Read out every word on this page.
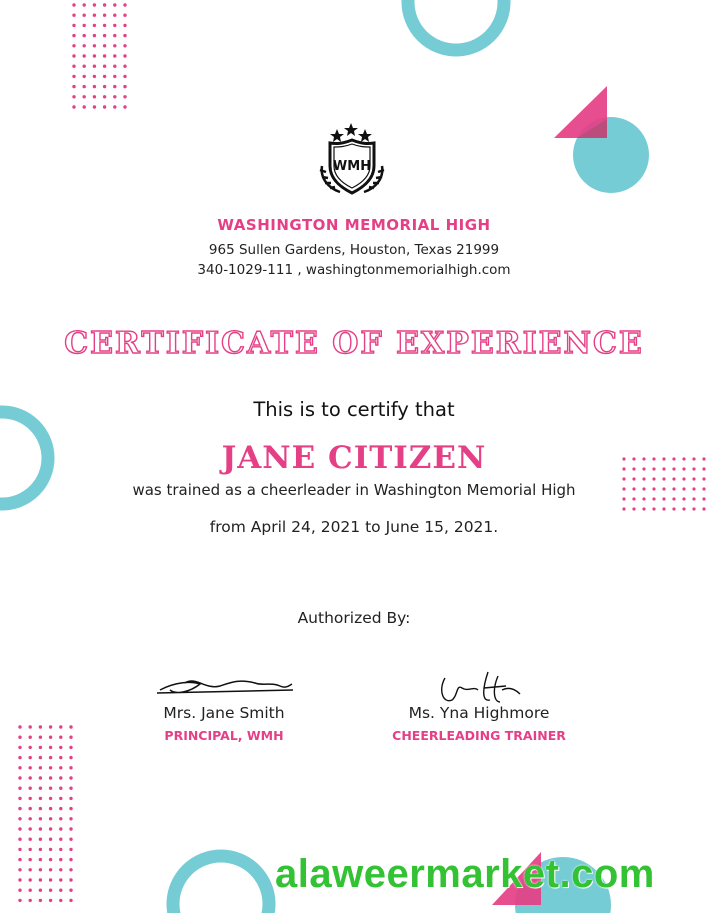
WMH
WASHINGTON MEMORIAL HIGH
965 Sullen Gardens, Houston, Texas 21999
340-1029-111 , washingtonmemorialhigh.com
CERTIFICATE OF EXPERIENCE
This is to certify that
JANE CITIZEN
was trained as a cheerleader in Washington Memorial High
from April 24, 2021 to June 15, 2021.
Authorized By:
Mrs. Jane Smith
PRINCIPAL, WMH
Ms. Yna Highmore
CHEERLEADING TRAINER
alaweermarket.com
